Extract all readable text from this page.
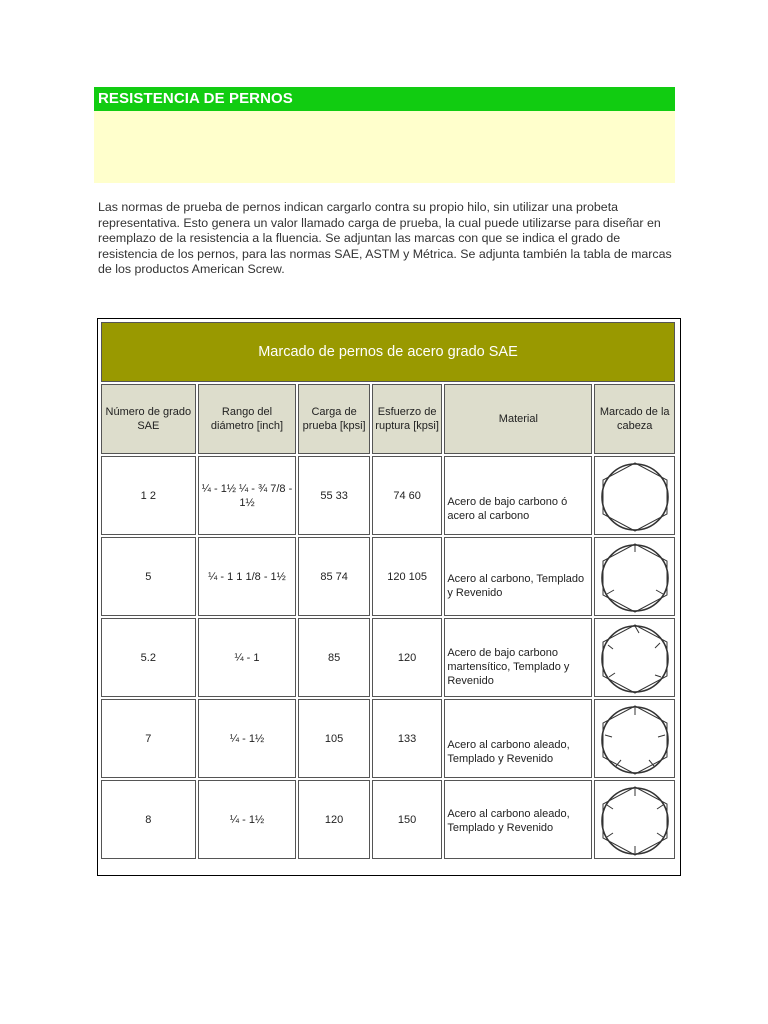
RESISTENCIA DE PERNOS

Las normas de prueba de pernos indican cargarlo contra su propio hilo, sin utilizar una probeta representativa. Esto genera un valor llamado carga de prueba, la cual puede utilizarse para diseñar en reemplazo de la resistencia a la fluencia. Se adjuntan las marcas con que se indica el grado de resistencia de los pernos, para las normas SAE, ASTM y Métrica. Se adjunta también la tabla de marcas de los productos American Screw.

Marcado de pernos de acero grado SAE					
Número de grado SAE	Rango del diámetro [inch]	Carga de prueba [kpsi]	Esfuerzo de ruptura [kpsi]	Material	Marcado de la cabeza
1 2	¼ - 1½ ¼ - ¾ 7/8 - 1½	55 33	74 60	Acero de bajo carbono ó acero al carbono

5	¼ - 1 1 1/8 - 1½	85 74	120 105	Acero al carbono, Templado y Revenido

5.2	¼ - 1	85	120	Acero de bajo carbono martensítico, Templado y Revenido

7	¼ - 1½	105	133	Acero al carbono aleado, Templado y Revenido

8	¼ - 1½	120	150	Acero al carbono aleado, Templado y Revenido
